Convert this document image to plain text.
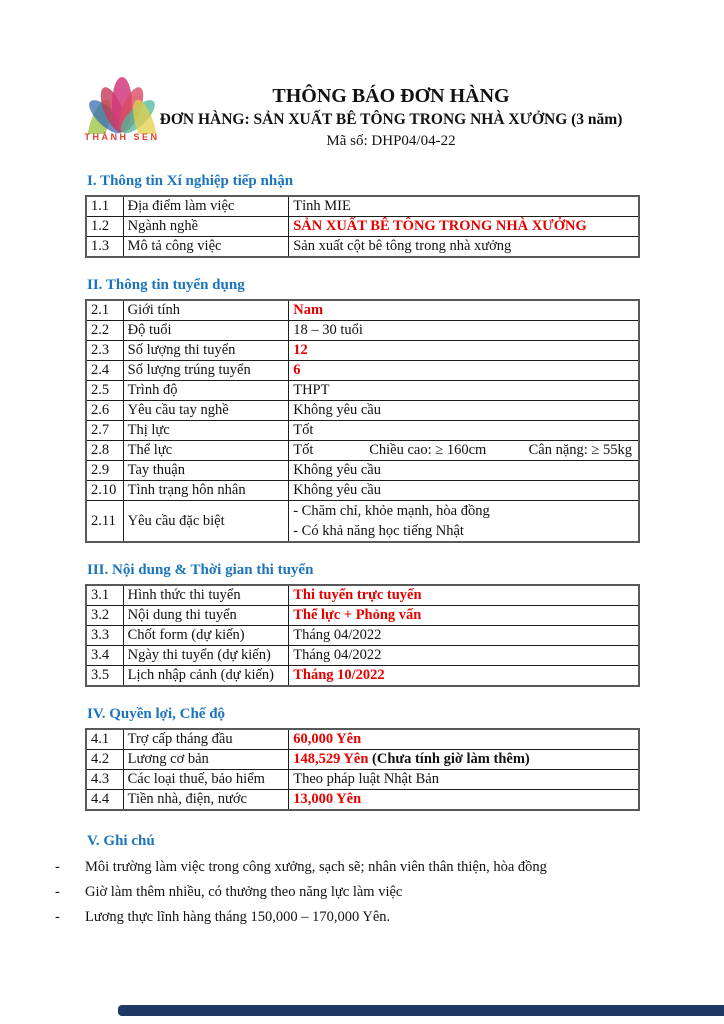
THÀNH SEN
THÔNG BÁO ĐƠN HÀNG
ĐƠN HÀNG: SẢN XUẤT BÊ TÔNG TRONG NHÀ XƯỞNG (3 năm)
Mã số: DHP04/04-22
I. Thông tin Xí nghiệp tiếp nhận
1.1	Địa điểm làm việc	Tỉnh MIE
1.2	Ngành nghề	SẢN XUẤT BÊ TÔNG TRONG NHÀ XƯỞNG
1.3	Mô tả công việc	Sản xuất cột bê tông trong nhà xưởng
II. Thông tin tuyển dụng
2.1	Giới tính	Nam
2.2	Độ tuổi	18 – 30 tuổi
2.3	Số lượng thi tuyển	12
2.4	Số lượng trúng tuyển	6
2.5	Trình độ	THPT
2.6	Yêu cầu tay nghề	Không yêu cầu
2.7	Thị lực	Tốt
2.8	Thể lực	Tốt Chiều cao: ≥ 160cm Cân nặng: ≥ 55kg

2.9	Tay thuận	Không yêu cầu
2.10	Tình trạng hôn nhân	Không yêu cầu
2.11	Yêu cầu đặc biệt	- Chăm chỉ, khỏe mạnh, hòa đồng
- Có khả năng học tiếng Nhật
III. Nội dung & Thời gian thi tuyển
3.1	Hình thức thi tuyển	Thi tuyển trực tuyến
3.2	Nội dung thi tuyển	Thể lực + Phỏng vấn
3.3	Chốt form (dự kiến)	Tháng 04/2022
3.4	Ngày thi tuyển (dự kiến)	Tháng 04/2022
3.5	Lịch nhập cảnh (dự kiến)	Tháng 10/2022
IV. Quyền lợi, Chế độ
4.1	Trợ cấp tháng đầu	60,000 Yên
4.2	Lương cơ bản	148,529 Yên (Chưa tính giờ làm thêm)
4.3	Các loại thuế, bảo hiểm	Theo pháp luật Nhật Bản
4.4	Tiền nhà, điện, nước	13,000 Yên
V. Ghi chú
- Môi trường làm việc trong công xưởng, sạch sẽ; nhân viên thân thiện, hòa đồng
- Giờ làm thêm nhiều, có thưởng theo năng lực làm việc
- Lương thực lĩnh hàng tháng 150,000 – 170,000 Yên.
